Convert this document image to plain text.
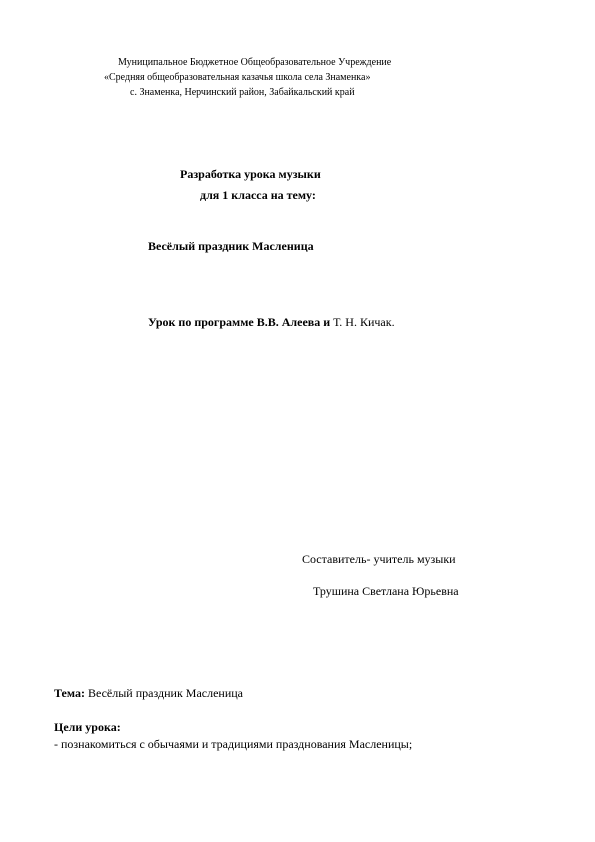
Муниципальное Бюджетное Общеобразовательное Учреждение
«Средняя общеобразовательная казачья школа села Знаменка»
с. Знаменка, Нерчинский район, Забайкальский край
Разработка урока музыки
для 1 класса на тему:
Весёлый праздник Масленица
Урок по программе В.В. Алеева и Т. Н. Кичак.
Составитель- учитель музыки
Трушина Светлана Юрьевна
Тема: Весёлый праздник Масленица
Цели урока:
- познакомиться с обычаями и традициями празднования Масленицы;
